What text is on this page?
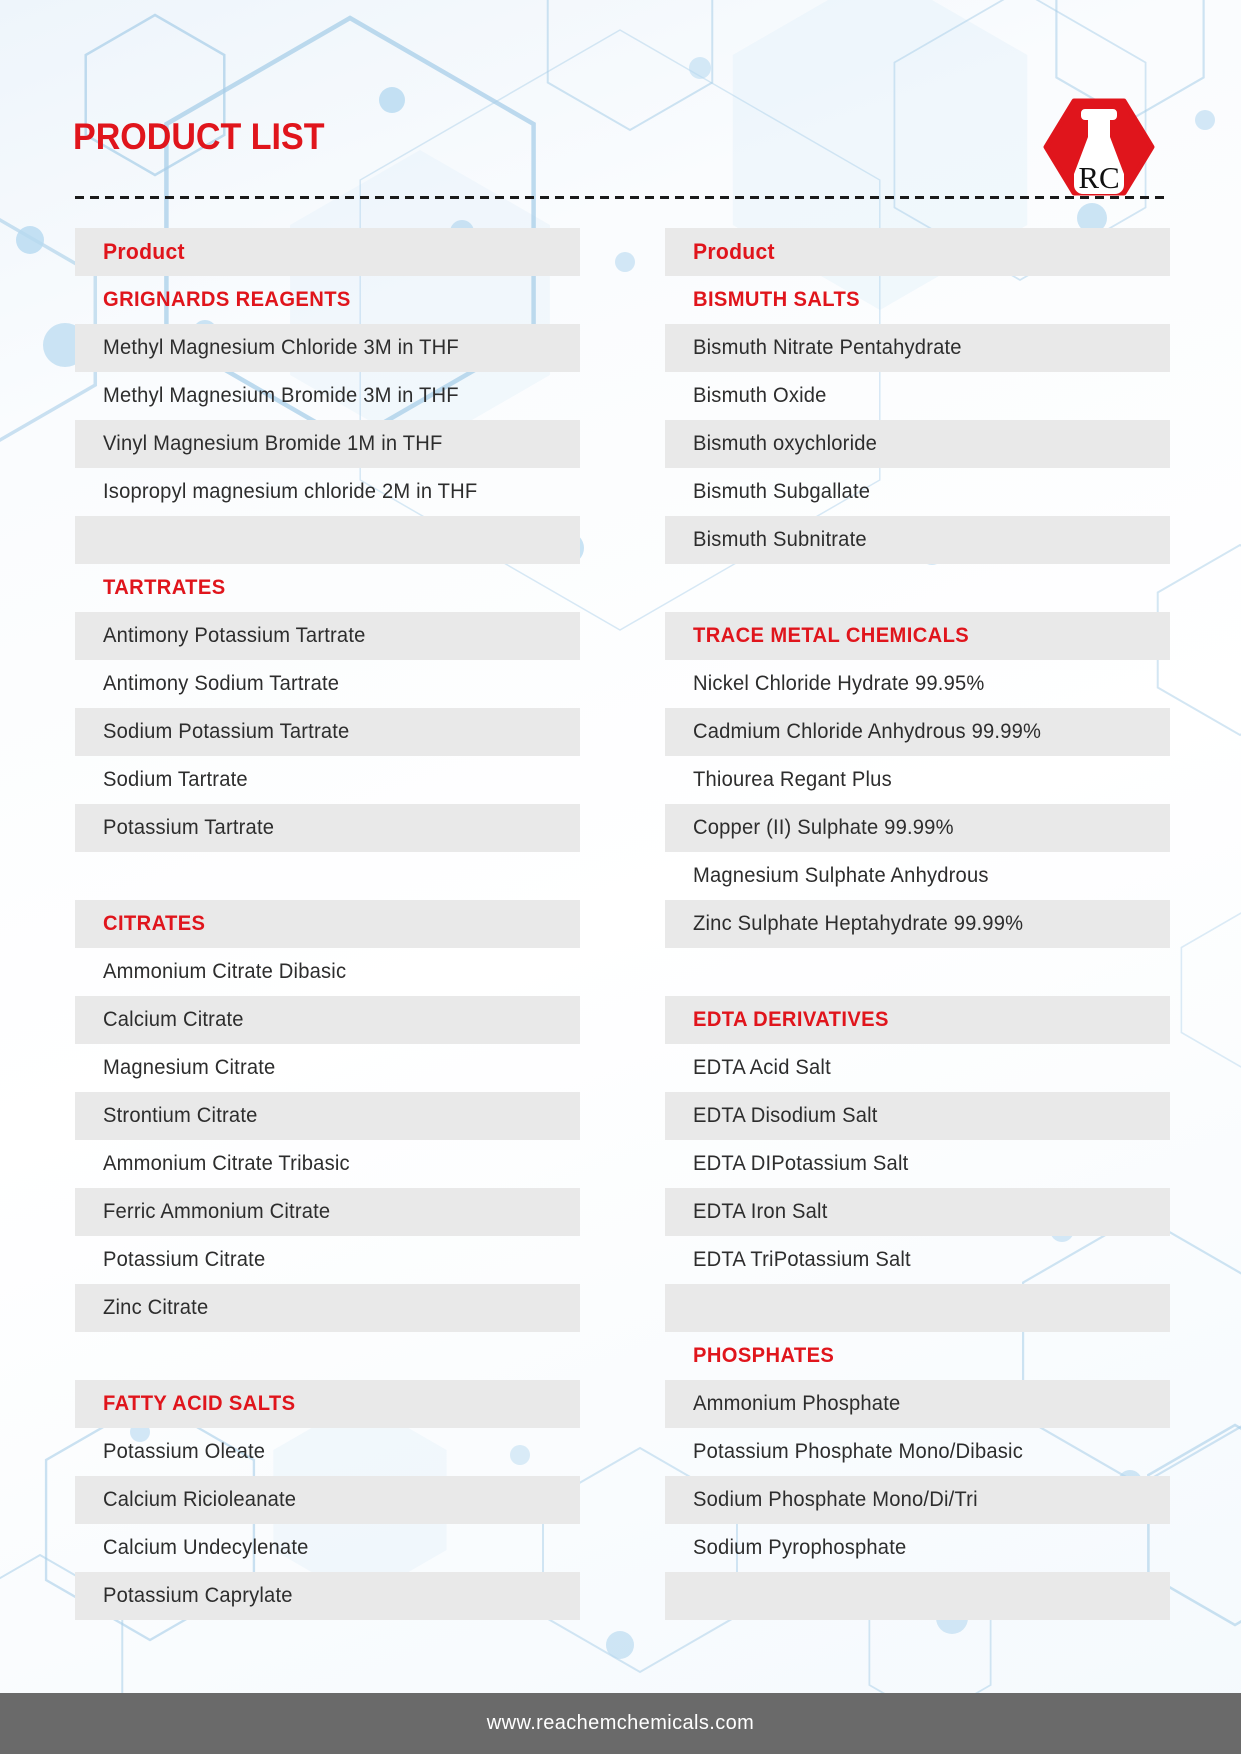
PRODUCT LIST
RC
Product
GRIGNARDS REAGENTS
Methyl Magnesium Chloride 3M in THF
Methyl Magnesium Bromide 3M in THF
Vinyl Magnesium Bromide 1M in THF
Isopropyl magnesium chloride 2M in THF
TARTRATES
Antimony Potassium Tartrate
Antimony Sodium Tartrate
Sodium Potassium Tartrate
Sodium Tartrate
Potassium Tartrate
CITRATES
Ammonium Citrate Dibasic
Calcium Citrate
Magnesium Citrate
Strontium Citrate
Ammonium Citrate Tribasic
Ferric Ammonium Citrate
Potassium Citrate
Zinc Citrate
FATTY ACID SALTS
Potassium Oleate
Calcium Ricioleanate
Calcium Undecylenate
Potassium Caprylate
Product
BISMUTH SALTS
Bismuth Nitrate Pentahydrate
Bismuth Oxide
Bismuth oxychloride
Bismuth Subgallate
Bismuth Subnitrate
TRACE METAL CHEMICALS
Nickel Chloride Hydrate 99.95%
Cadmium Chloride Anhydrous 99.99%
Thiourea Regant Plus
Copper (II) Sulphate 99.99%
Magnesium Sulphate Anhydrous
Zinc Sulphate Heptahydrate 99.99%
EDTA DERIVATIVES
EDTA Acid Salt
EDTA Disodium Salt
EDTA DIPotassium Salt
EDTA Iron Salt
EDTA TriPotassium Salt
PHOSPHATES
Ammonium Phosphate
Potassium Phosphate Mono/Dibasic
Sodium Phosphate Mono/Di/Tri
Sodium Pyrophosphate
www.reachemchemicals.com
